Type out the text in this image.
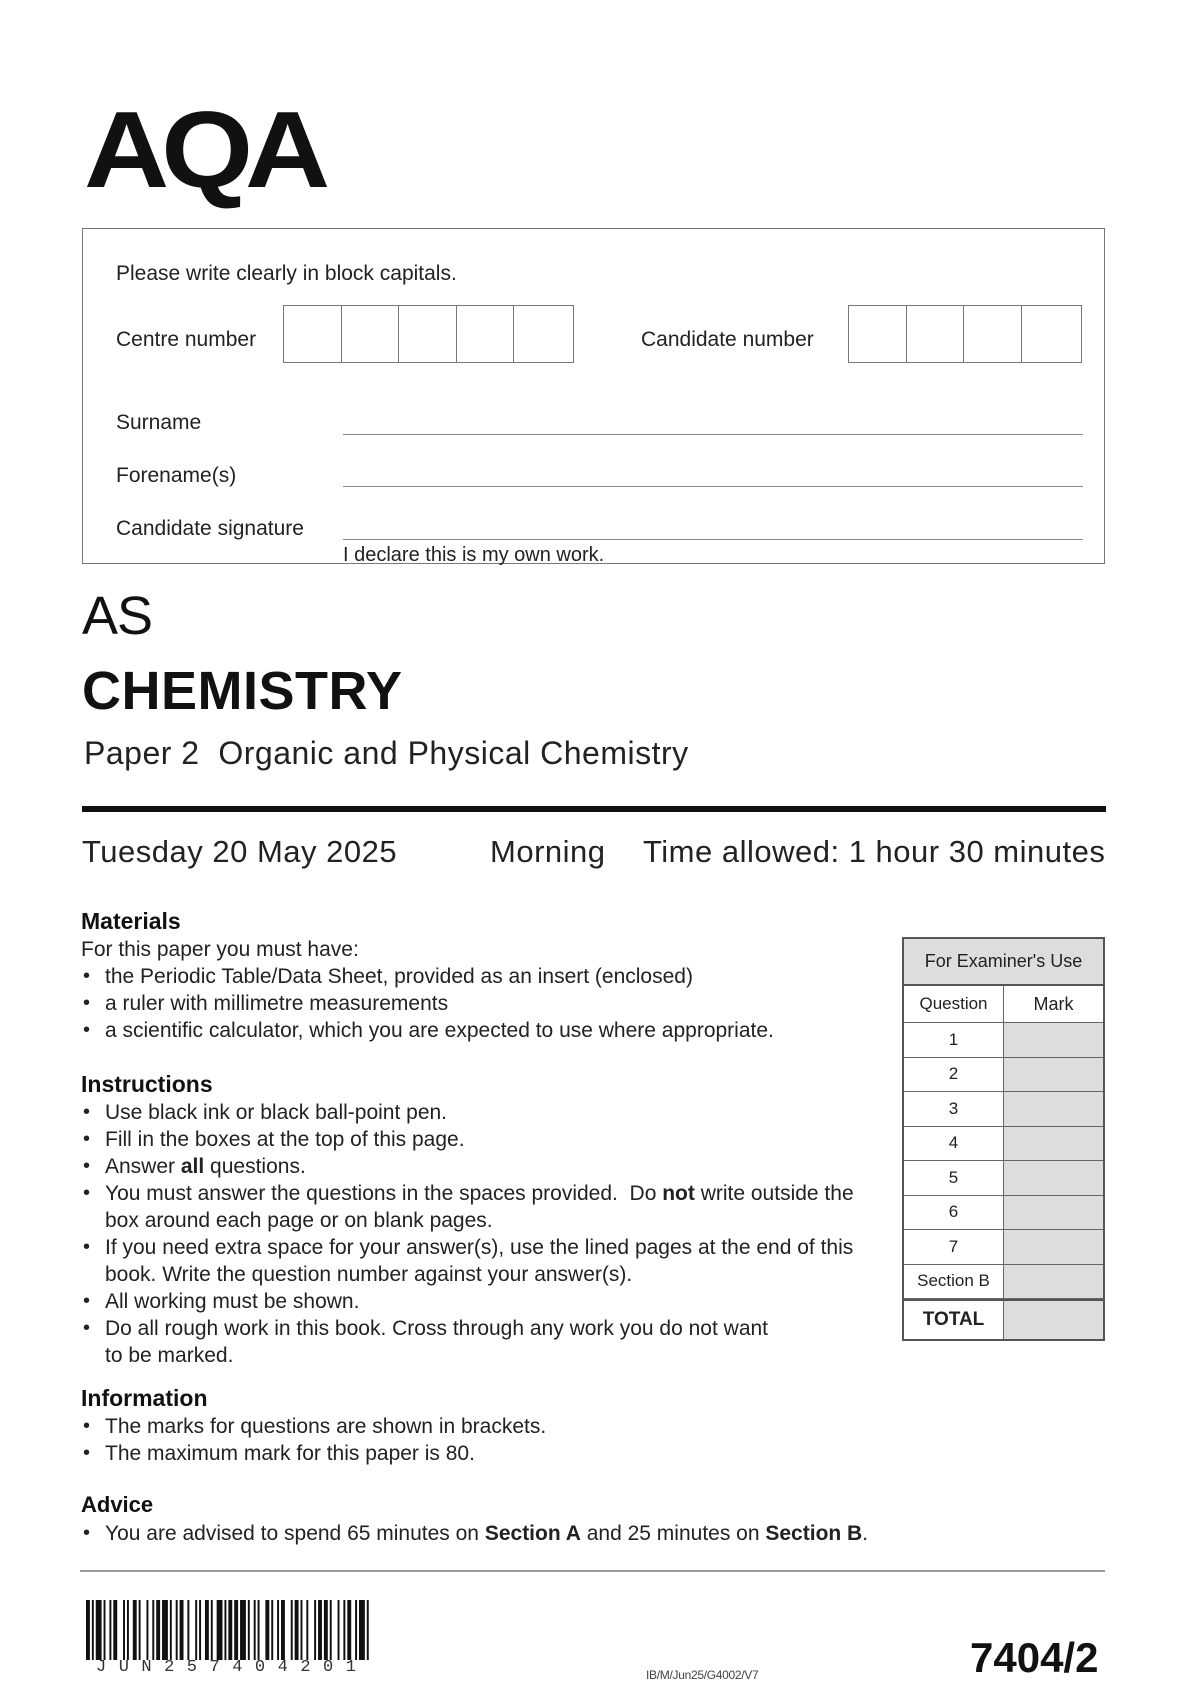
AQA
Please write clearly in block capitals.
Centre number	Candidate number
Surname
Forename(s)
Candidate signature
I declare this is my own work.
AS
CHEMISTRY
Paper 2  Organic and Physical Chemistry
Tuesday 20 May 2025	Morning Time allowed: 1 hour 30 minutes
Materials
For this paper you must have:
• the Periodic Table/Data Sheet, provided as an insert (enclosed)
• a ruler with millimetre measurements
• a scientific calculator, which you are expected to use where appropriate.
Instructions
• Use black ink or black ball-point pen.
• Fill in the boxes at the top of this page.
• Answer all questions.
• You must answer the questions in the spaces provided.  Do not write outside the box around each page or on blank pages.
• If you need extra space for your answer(s), use the lined pages at the end of this book. Write the question number against your answer(s).
• All working must be shown.
• Do all rough work in this book. Cross through any work you do not want to be marked.
Information
• The marks for questions are shown in brackets.
• The maximum mark for this paper is 80.
Advice
• You are advised to spend 65 minutes on Section A and 25 minutes on Section B.
For Examiner's Use
Question	Mark
1
2
3
4
5
6
7
Section B
TOTAL
JUN257404201	IB/M/Jun25/G4002/V7	7404/2
